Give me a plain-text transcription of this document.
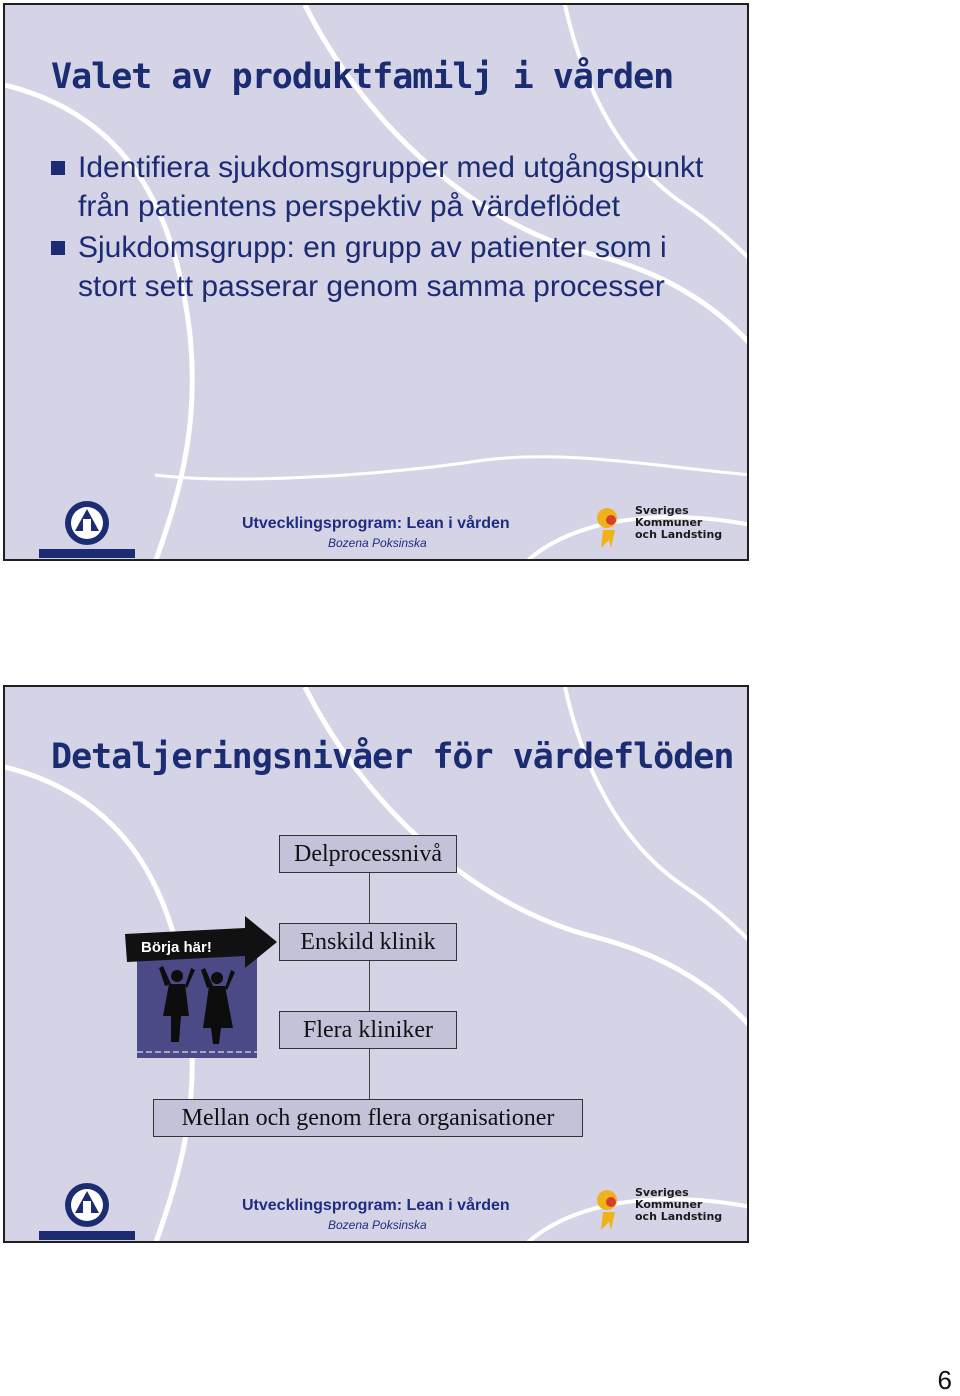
Valet av produktfamilj i vården
Identifiera sjukdomsgrupper med utgångspunkt från patientens perspektiv på värdeflödet
Sjukdomsgrupp: en grupp av patienter som i stort sett passerar genom samma processer
Utvecklingsprogram: Lean i vården
Bozena Poksinska
Sveriges
Kommuner
och Landsting
Detaljeringsnivåer för värdeflöden
Delprocessnivå
Enskild klinik
Flera kliniker
Mellan och genom flera organisationer
Börja här!
Utvecklingsprogram: Lean i vården
Bozena Poksinska
Sveriges
Kommuner
och Landsting
6
